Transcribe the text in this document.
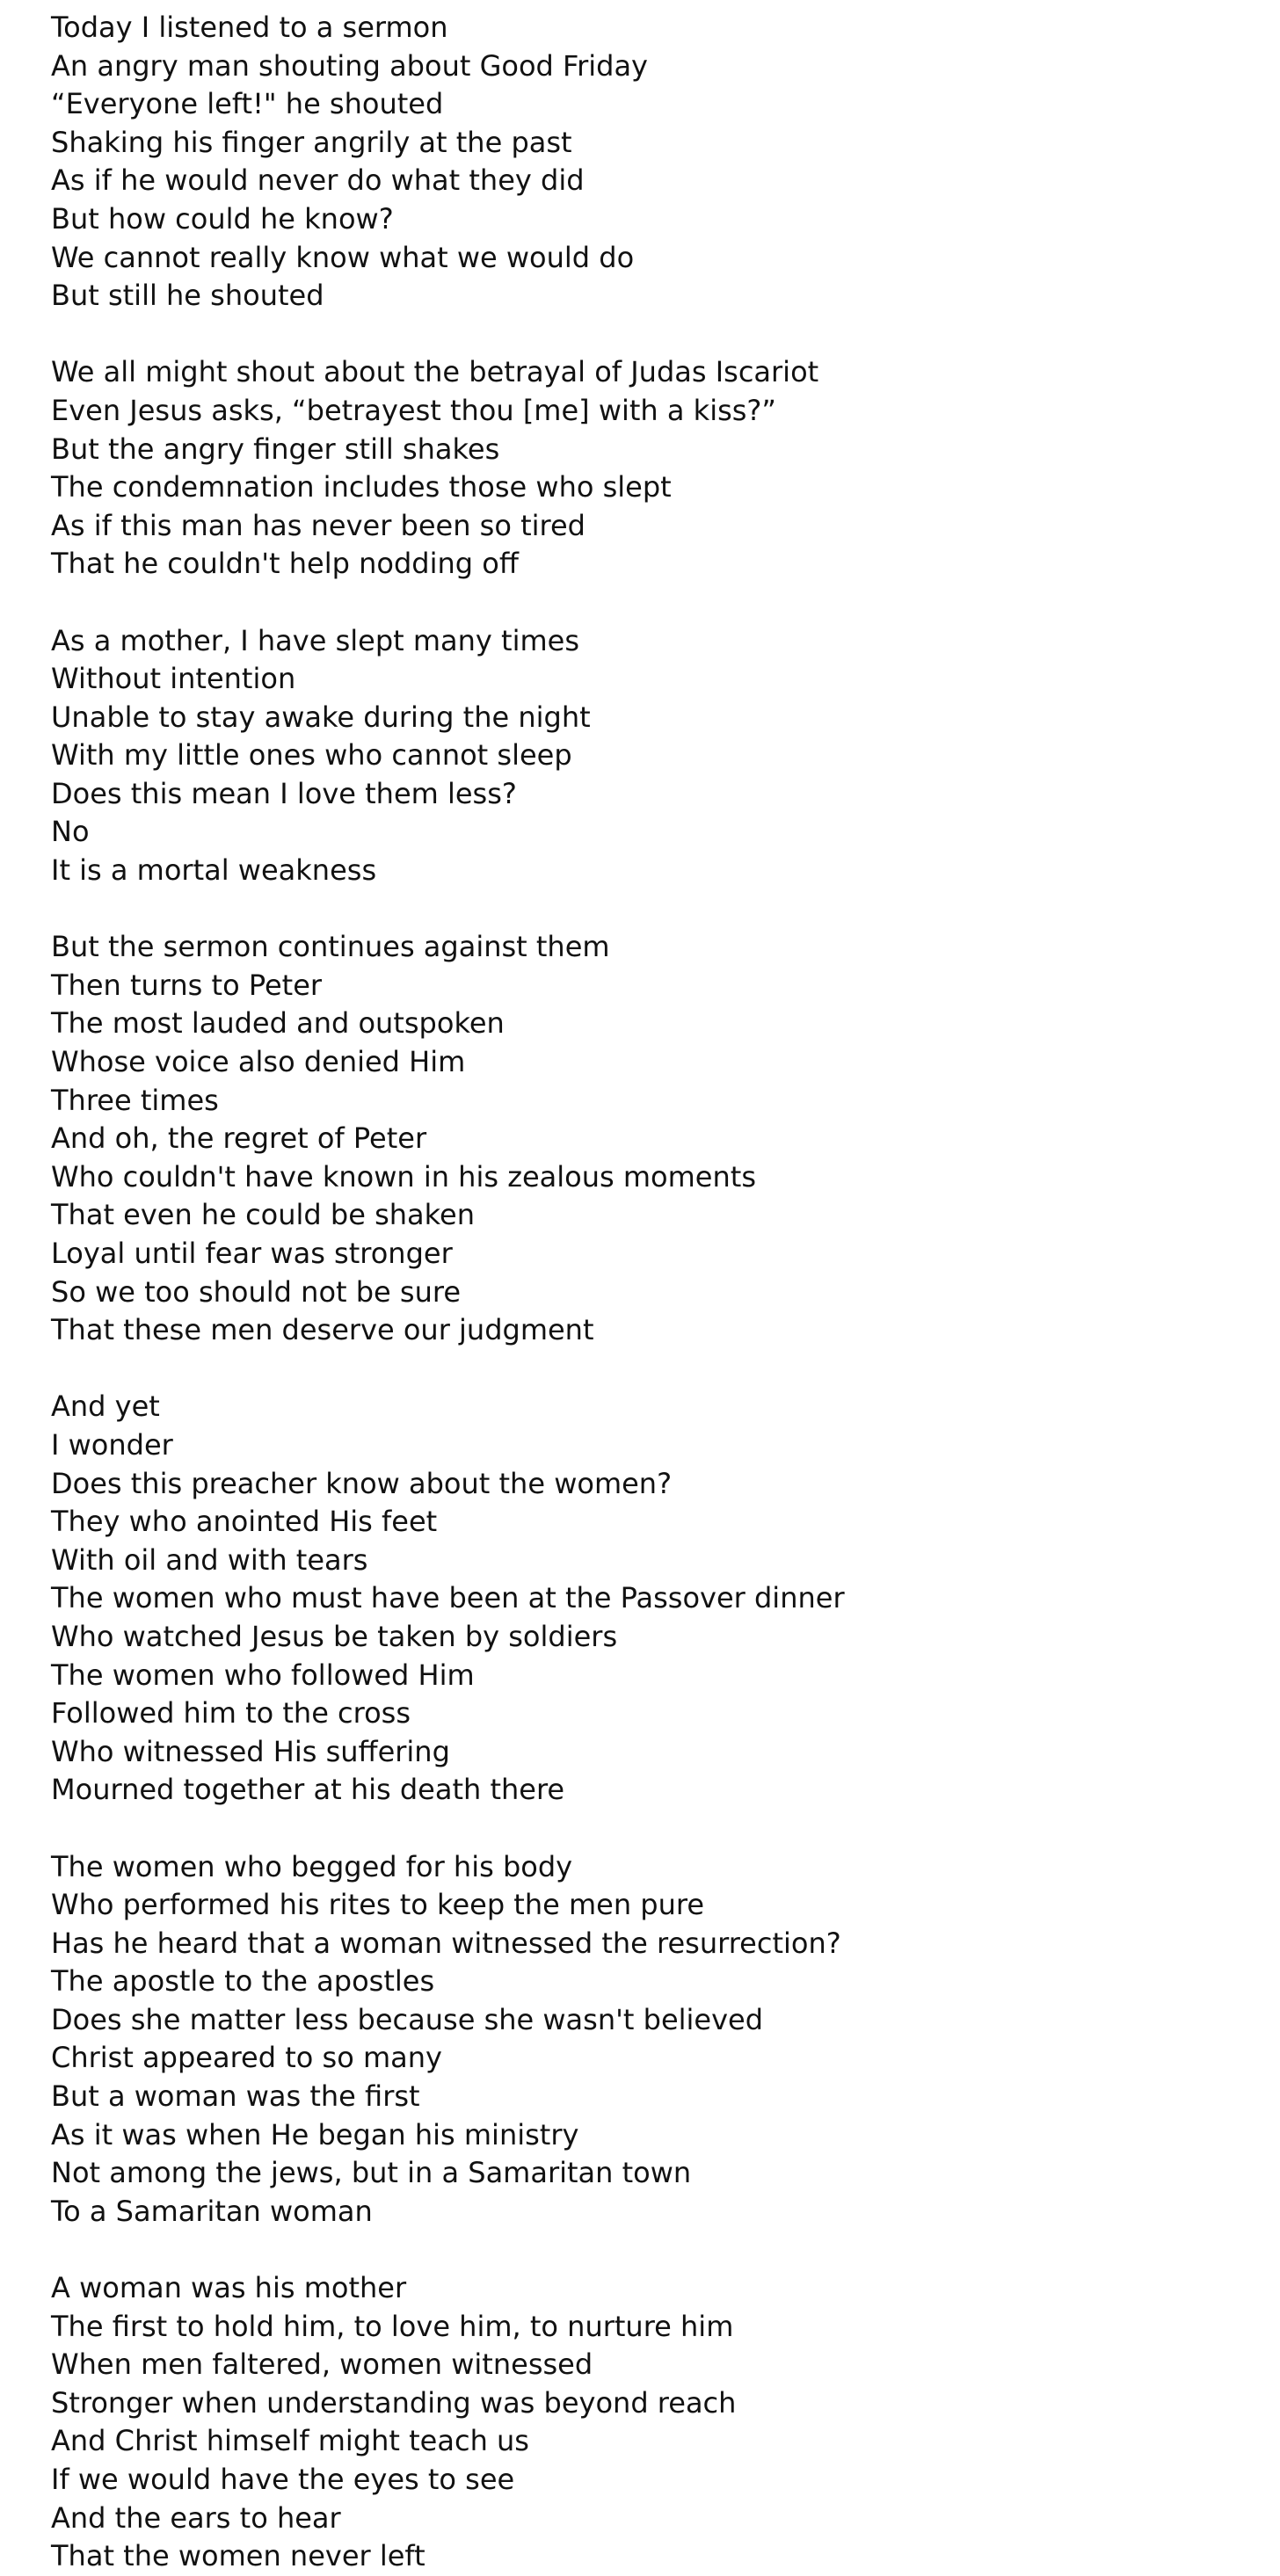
Today I listened to a sermon
An angry man shouting about Good Friday
“Everyone left!" he shouted
Shaking his finger angrily at the past
As if he would never do what they did
But how could he know?
We cannot really know what we would do
But still he shouted
We all might shout about the betrayal of Judas Iscariot
Even Jesus asks, “betrayest thou [me] with a kiss?”
But the angry finger still shakes
The condemnation includes those who slept
As if this man has never been so tired
That he couldn't help nodding off
As a mother, I have slept many times
Without intention
Unable to stay awake during the night
With my little ones who cannot sleep
Does this mean I love them less?
No
It is a mortal weakness
But the sermon continues against them
Then turns to Peter
The most lauded and outspoken
Whose voice also denied Him
Three times
And oh, the regret of Peter
Who couldn't have known in his zealous moments
That even he could be shaken
Loyal until fear was stronger
So we too should not be sure
That these men deserve our judgment
And yet
I wonder
Does this preacher know about the women?
They who anointed His feet
With oil and with tears
The women who must have been at the Passover dinner
Who watched Jesus be taken by soldiers
The women who followed Him
Followed him to the cross
Who witnessed His suffering
Mourned together at his death there
The women who begged for his body
Who performed his rites to keep the men pure
Has he heard that a woman witnessed the resurrection?
The apostle to the apostles
Does she matter less because she wasn't believed
Christ appeared to so many
But a woman was the first
As it was when He began his ministry
Not among the jews, but in a Samaritan town
To a Samaritan woman
A woman was his mother
The first to hold him, to love him, to nurture him
When men faltered, women witnessed
Stronger when understanding was beyond reach
And Christ himself might teach us
If we would have the eyes to see
And the ears to hear
That the women never left
